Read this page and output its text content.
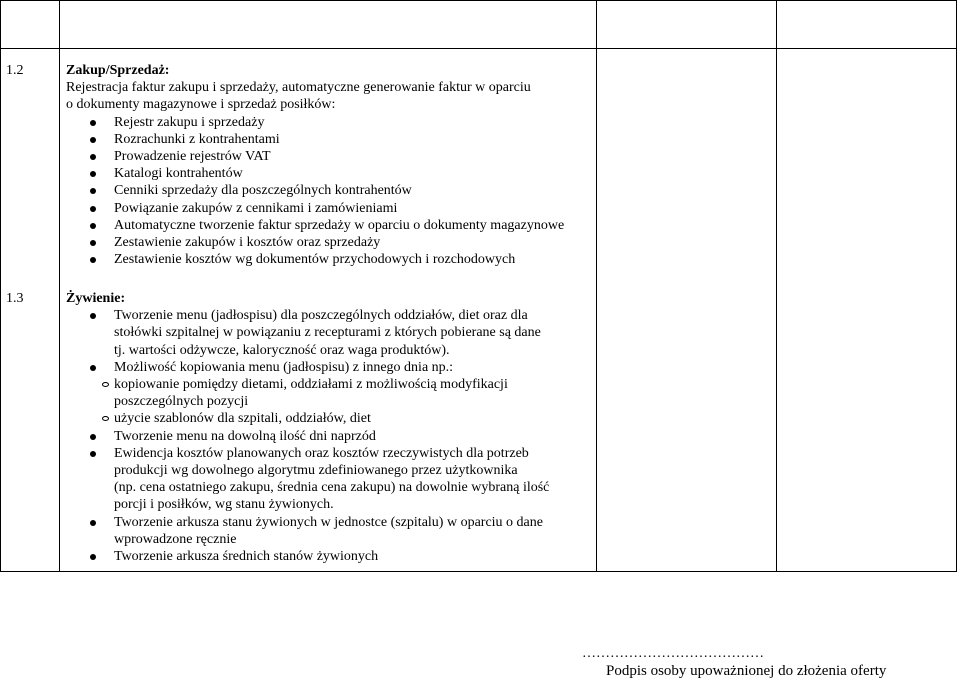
1.2	Zakup/Sprzedaż:
Rejestracja faktur zakupu i sprzedaży, automatyczne generowanie faktur w oparciu
o dokumenty magazynowe i sprzedaż posiłków:
Rejestr zakupu i sprzedaży
Rozrachunki z kontrahentami
Prowadzenie rejestrów VAT
Katalogi kontrahentów
Cenniki sprzedaży dla poszczególnych kontrahentów
Powiązanie zakupów z cennikami i zamówieniami
Automatyczne tworzenie faktur sprzedaży w oparciu o dokumenty magazynowe
Zestawienie zakupów i kosztów oraz sprzedaży
Zestawienie kosztów wg dokumentów przychodowych i rozchodowych
1.3	Żywienie:
Tworzenie menu (jadłospisu) dla poszczególnych oddziałów, diet oraz dla
stołówki szpitalnej w powiązaniu z recepturami z których pobierane są dane
tj. wartości odżywcze, kaloryczność oraz waga produktów).
Możliwość kopiowania menu (jadłospisu) z innego dnia np.:
kopiowanie pomiędzy dietami, oddziałami z możliwością modyfikacji
poszczególnych pozycji
użycie szablonów dla szpitali, oddziałów, diet
Tworzenie menu na dowolną ilość dni naprzód
Ewidencja kosztów planowanych oraz kosztów rzeczywistych dla potrzeb
produkcji wg dowolnego algorytmu zdefiniowanego przez użytkownika
(np. cena ostatniego zakupu, średnia cena zakupu) na dowolnie wybraną ilość
porcji i posiłków, wg stanu żywionych.
Tworzenie arkusza stanu żywionych w jednostce (szpitalu) w oparciu o dane
wprowadzone ręcznie
Tworzenie arkusza średnich stanów żywionych
…………………………………
Podpis osoby upoważnionej do złożenia oferty
